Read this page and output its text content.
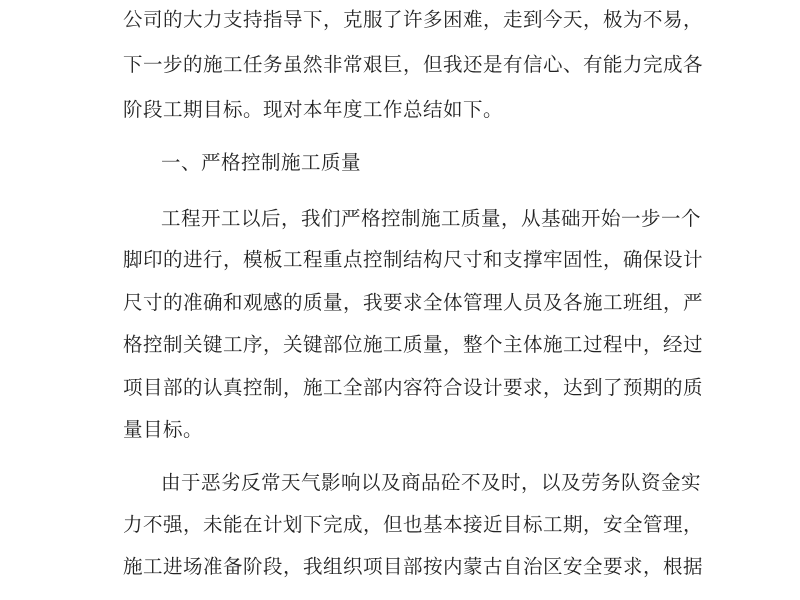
公司的大力支持指导下，克服了许多困难，走到今天，极为不易，
下一步的施工任务虽然非常艰巨，但我还是有信心、有能力完成各
阶段工期目标。现对本年度工作总结如下。
一、严格控制施工质量
工程开工以后，我们严格控制施工质量，从基础开始一步一个
脚印的进行，模板工程重点控制结构尺寸和支撑牢固性，确保设计
尺寸的准确和观感的质量，我要求全体管理人员及各施工班组，严
格控制关键工序，关键部位施工质量，整个主体施工过程中，经过
项目部的认真控制，施工全部内容符合设计要求，达到了预期的质
量目标。
由于恶劣反常天气影响以及商品砼不及时，以及劳务队资金实
力不强，未能在计划下完成，但也基本接近目标工期，安全管理，
施工进场准备阶段，我组织项目部按内蒙古自治区安全要求，根据
